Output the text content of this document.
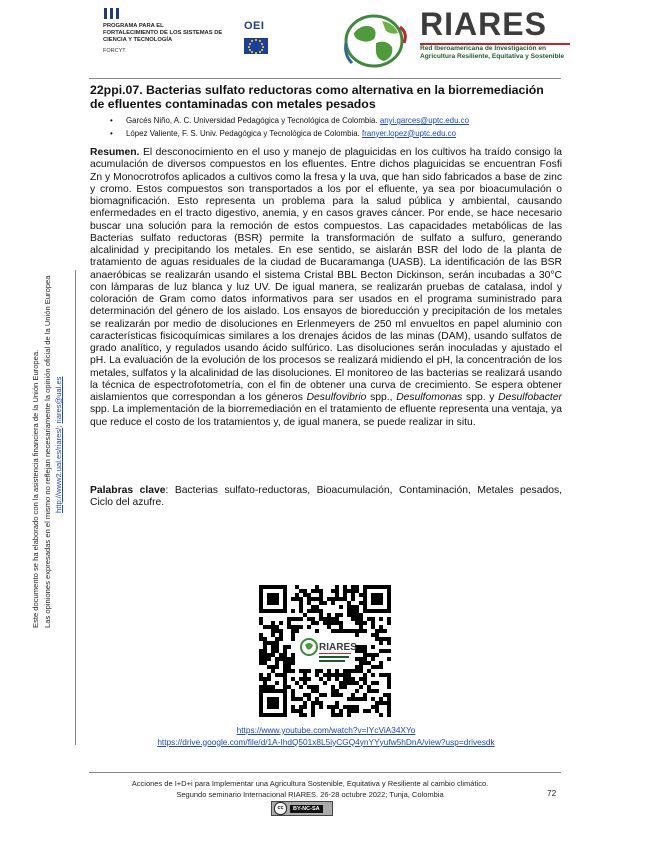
PROGRAMA PARA EL
FORTALECIMIENTO DE LOS SISTEMAS DE
CIENCIA Y TECNOLOGÍA
FORCYT
OEI	RIARES
Red Iberoamericana de Investigación en Agricultura Resiliente, Equitativa y Sostenible
Este documento se ha elaborado con la asistencia financiera de la Unión Europea. Las opiniones expresadas en el mismo no reflejan necesariamente la opinión oficial de la Unión Europea http://www2.ual.es/riares/; riares@ual.es
22ppi.07. Bacterias sulfato reductoras como alternativa en la biorremediación de efluentes contaminadas con metales pesados
• Garcés Niño, A. C. Universidad Pedagógica y Tecnológica de Colombia. anyi.garces@uptc.edu.co
• López Valiente, F. S. Univ. Pedagógica y Tecnológica de Colombia. franyer.lopez@uptc.edu.co
Resumen. El desconocimiento en el uso y manejo de plaguicidas en los cultivos ha traído consigo la acumulación de diversos compuestos en los efluentes. Entre dichos plaguicidas se encuentran Fosfi Zn y Monocrotrofos aplicados a cultivos como la fresa y la uva, que han sido fabricados a base de zinc y cromo. Estos compuestos son transportados a los por el efluente, ya sea por bioacumulación o biomagnificación. Esto representa un problema para la salud pública y ambiental, causando enfermedades en el tracto digestivo, anemia, y en casos graves cáncer. Por ende, se hace necesario buscar una solución para la remoción de estos compuestos. Las capacidades metabólicas de las Bacterias sulfato reductoras (BSR) permite la transformación de sulfato a sulfuro, generando alcalinidad y precipitando los metales. En ese sentido, se aislarán BSR del lodo de la planta de tratamiento de aguas residuales de la ciudad de Bucaramanga (UASB). La identificación de las BSR anaeróbicas se realizarán usando el sistema Cristal BBL Becton Dickinson, serán incubadas a 30°C con lámparas de luz blanca y luz UV. De igual manera, se realizarán pruebas de catalasa, indol y coloración de Gram como datos informativos para ser usados en el programa suministrado para determinación del género de los aislado. Los ensayos de bioreducción y precipitación de los metales se realizarán por medio de disoluciones en Erlenmeyers de 250 ml envueltos en papel aluminio con características fisicoquímicas similares a los drenajes ácidos de las minas (DAM), usando sulfatos de grado analítico, y regulados usando ácido sulfúrico. Las disoluciones serán inoculadas y ajustado el pH. La evaluación de la evolución de los procesos se realizará midiendo el pH, la concentración de los metales, sulfatos y la alcalinidad de las disoluciones. El monitoreo de las bacterias se realizará usando la técnica de espectrofotometría, con el fin de obtener una curva de crecimiento. Se espera obtener aislamientos que correspondan a los géneros Desulfovibrio spp., Desulfomonas spp. y Desulfobacter spp. La implementación de la biorremediación en el tratamiento de efluente representa una ventaja, ya que reduce el costo de los tratamientos y, de igual manera, se puede realizar in situ.
Palabras clave: Bacterias sulfato-reductoras, Bioacumulación, Contaminación, Metales pesados, Ciclo del azufre.
RIARES
https://www.youtube.com/watch?v=IYcViA34XYo
https://drive.google.com/file/d/1A-IhdQ501x8L5iyCGQ4ynYYyufw5hDnA/view?usp=drivesdk
Acciones de I+D+i para Implementar una Agricultura Sostenible, Equitativa y Resiliente al cambio climático.
Segundo seminario Internacional RIARES. 26-28 octubre 2022; Tunja, Colombia	72
cc	BY-NC-SA
